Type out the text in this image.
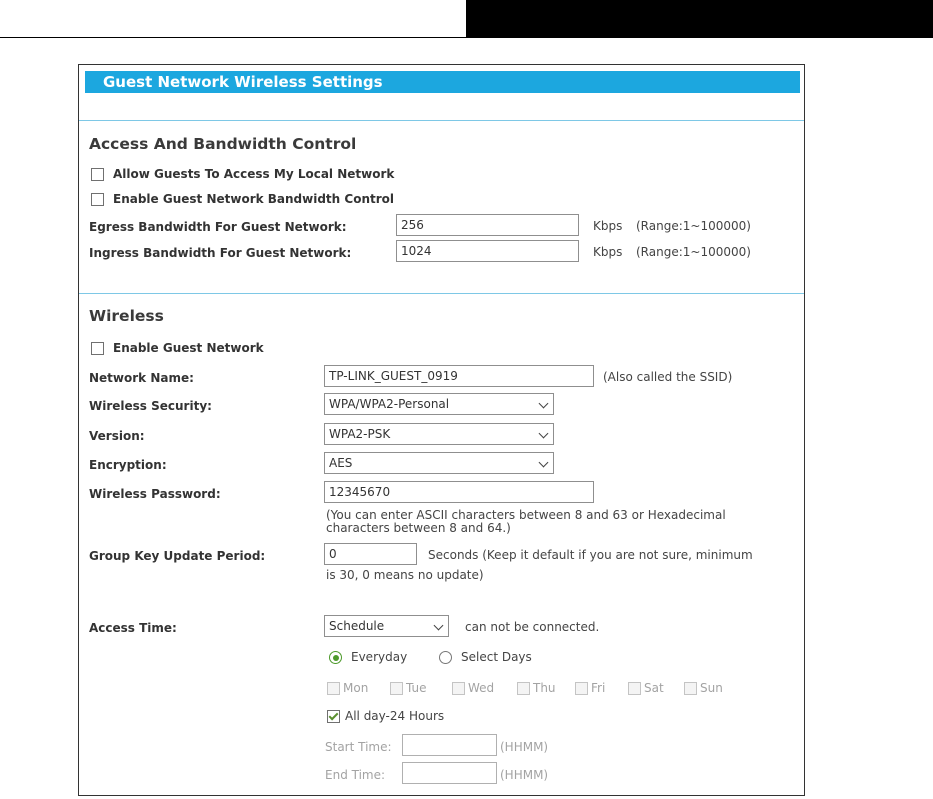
Guest Network Wireless Settings
Access And Bandwidth Control
Allow Guests To Access My Local Network
Enable Guest Network Bandwidth Control
Egress Bandwidth For Guest Network:	256	Kbps (Range:1~100000)
Ingress Bandwidth For Guest Network:	1024	Kbps (Range:1~100000)
Wireless
Enable Guest Network
Network Name:	TP-LINK_GUEST_0919	(Also called the SSID)
Wireless Security:	WPA/WPA2-Personal
Version:	WPA2-PSK
Encryption:	AES
Wireless Password:	12345670
(You can enter ASCII characters between 8 and 63 or Hexadecimal
characters between 8 and 64.)
Group Key Update Period:	0	Seconds (Keep it default if you are not sure, minimum
is 30, 0 means no update)
Access Time:	Schedule	can not be connected.
Everyday	Select Days
Mon	Tue	Wed	Thu	Fri	Sat	Sun
All day-24 Hours
Start Time:	(HHMM)
End Time:	(HHMM)
